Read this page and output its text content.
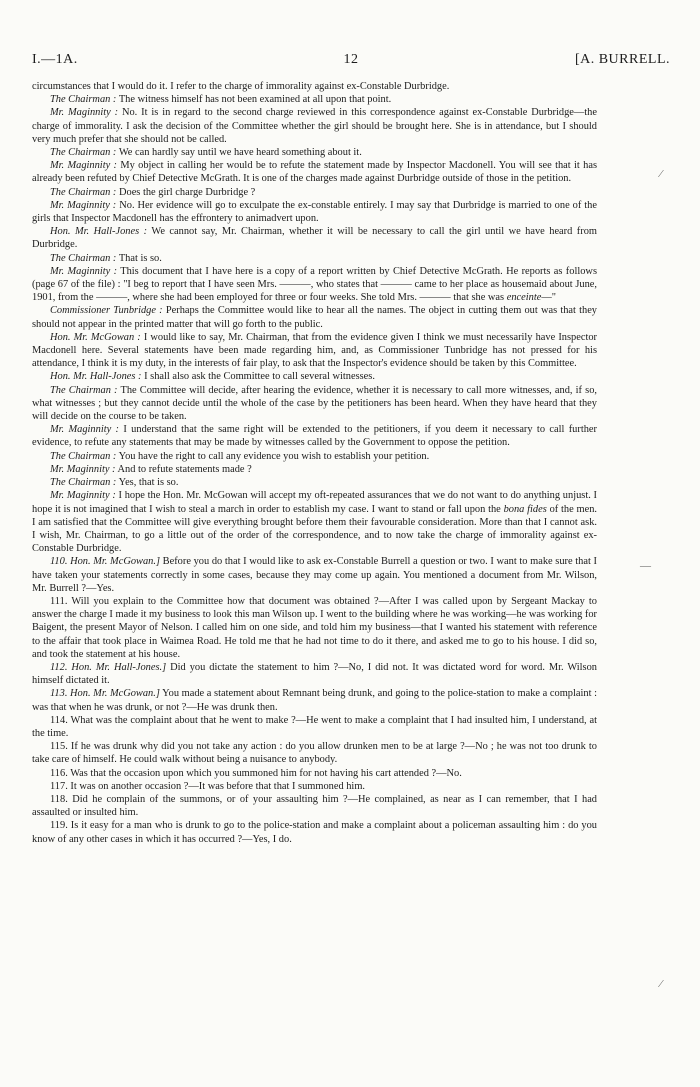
I.—1A.	12	[A. BURRELL.

circumstances that I would do it. I refer to the charge of immorality against ex-Constable Durbridge.

The Chairman : The witness himself has not been examined at all upon that point.

Mr. Maginnity : No. It is in regard to the second charge reviewed in this correspondence against ex-Constable Durbridge—the charge of immorality. I ask the decision of the Committee whether the girl should be brought here. She is in attendance, but I should very much prefer that she should not be called.

The Chairman : We can hardly say until we have heard something about it.

Mr. Maginnity : My object in calling her would be to refute the statement made by Inspector Macdonell. You will see that it has already been refuted by Chief Detective McGrath. It is one of the charges made against Durbridge outside of those in the petition.

The Chairman : Does the girl charge Durbridge ?

Mr. Maginnity : No. Her evidence will go to exculpate the ex-constable entirely. I may say that Durbridge is married to one of the girls that Inspector Macdonell has the effrontery to animadvert upon.

Hon. Mr. Hall-Jones : We cannot say, Mr. Chairman, whether it will be necessary to call the girl until we have heard from Durbridge.

The Chairman : That is so.

Mr. Maginnity : This document that I have here is a copy of a report written by Chief Detective McGrath. He reports as follows (page 67 of the file) : "I beg to report that I have seen Mrs. ———, who states that ——— came to her place as housemaid about June, 1901, from the ———, where she had been employed for three or four weeks. She told Mrs. ——— that she was enceinte—"

Commissioner Tunbridge : Perhaps the Committee would like to hear all the names. The object in cutting them out was that they should not appear in the printed matter that will go forth to the public.

Hon. Mr. McGowan : I would like to say, Mr. Chairman, that from the evidence given I think we must necessarily have Inspector Macdonell here. Several statements have been made regarding him, and, as Commissioner Tunbridge has not pressed for his attendance, I think it is my duty, in the interests of fair play, to ask that the Inspector's evidence should be taken by this Committee.

Hon. Mr. Hall-Jones : I shall also ask the Committee to call several witnesses.

The Chairman : The Committee will decide, after hearing the evidence, whether it is necessary to call more witnesses, and, if so, what witnesses ; but they cannot decide until the whole of the case by the petitioners has been heard. When they have heard that they will decide on the course to be taken.

Mr. Maginnity : I understand that the same right will be extended to the petitioners, if you deem it necessary to call further evidence, to refute any statements that may be made by witnesses called by the Government to oppose the petition.

The Chairman : You have the right to call any evidence you wish to establish your petition.

Mr. Maginnity : And to refute statements made ?

The Chairman : Yes, that is so.

Mr. Maginnity : I hope the Hon. Mr. McGowan will accept my oft-repeated assurances that we do not want to do anything unjust. I hope it is not imagined that I wish to steal a march in order to establish my case. I want to stand or fall upon the bona fides of the men. I am satisfied that the Committee will give everything brought before them their favourable consideration. More than that I cannot ask. I wish, Mr. Chairman, to go a little out of the order of the correspondence, and to now take the charge of immorality against ex-Constable Durbridge.

110. Hon. Mr. McGowan.] Before you do that I would like to ask ex-Constable Burrell a question or two. I want to make sure that I have taken your statements correctly in some cases, because they may come up again. You mentioned a document from Mr. Wilson, Mr. Burrell ?—Yes.

111. Will you explain to the Committee how that document was obtained ?—After I was called upon by Sergeant Mackay to answer the charge I made it my business to look this man Wilson up. I went to the building where he was working—he was working for Baigent, the present Mayor of Nelson. I called him on one side, and told him my business—that I wanted his statement with reference to the affair that took place in Waimea Road. He told me that he had not time to do it there, and asked me to go to his house. I did so, and took the statement at his house.

112. Hon. Mr. Hall-Jones.] Did you dictate the statement to him ?—No, I did not. It was dictated word for word. Mr. Wilson himself dictated it.

113. Hon. Mr. McGowan.] You made a statement about Remnant being drunk, and going to the police-station to make a complaint : was that when he was drunk, or not ?—He was drunk then.

114. What was the complaint about that he went to make ?—He went to make a complaint that I had insulted him, I understand, at the time.

115. If he was drunk why did you not take any action : do you allow drunken men to be at large ?—No ; he was not too drunk to take care of himself. He could walk without being a nuisance to anybody.

116. Was that the occasion upon which you summoned him for not having his cart attended ?—No.

117. It was on another occasion ?—It was before that that I summoned him.

118. Did he complain of the summons, or of your assaulting him ?—He complained, as near as I can remember, that I had assaulted or insulted him.

119. Is it easy for a man who is drunk to go to the police-station and make a complaint about a policeman assaulting him : do you know of any other cases in which it has occurred ?—Yes, I do.

⁄
—
⁄
